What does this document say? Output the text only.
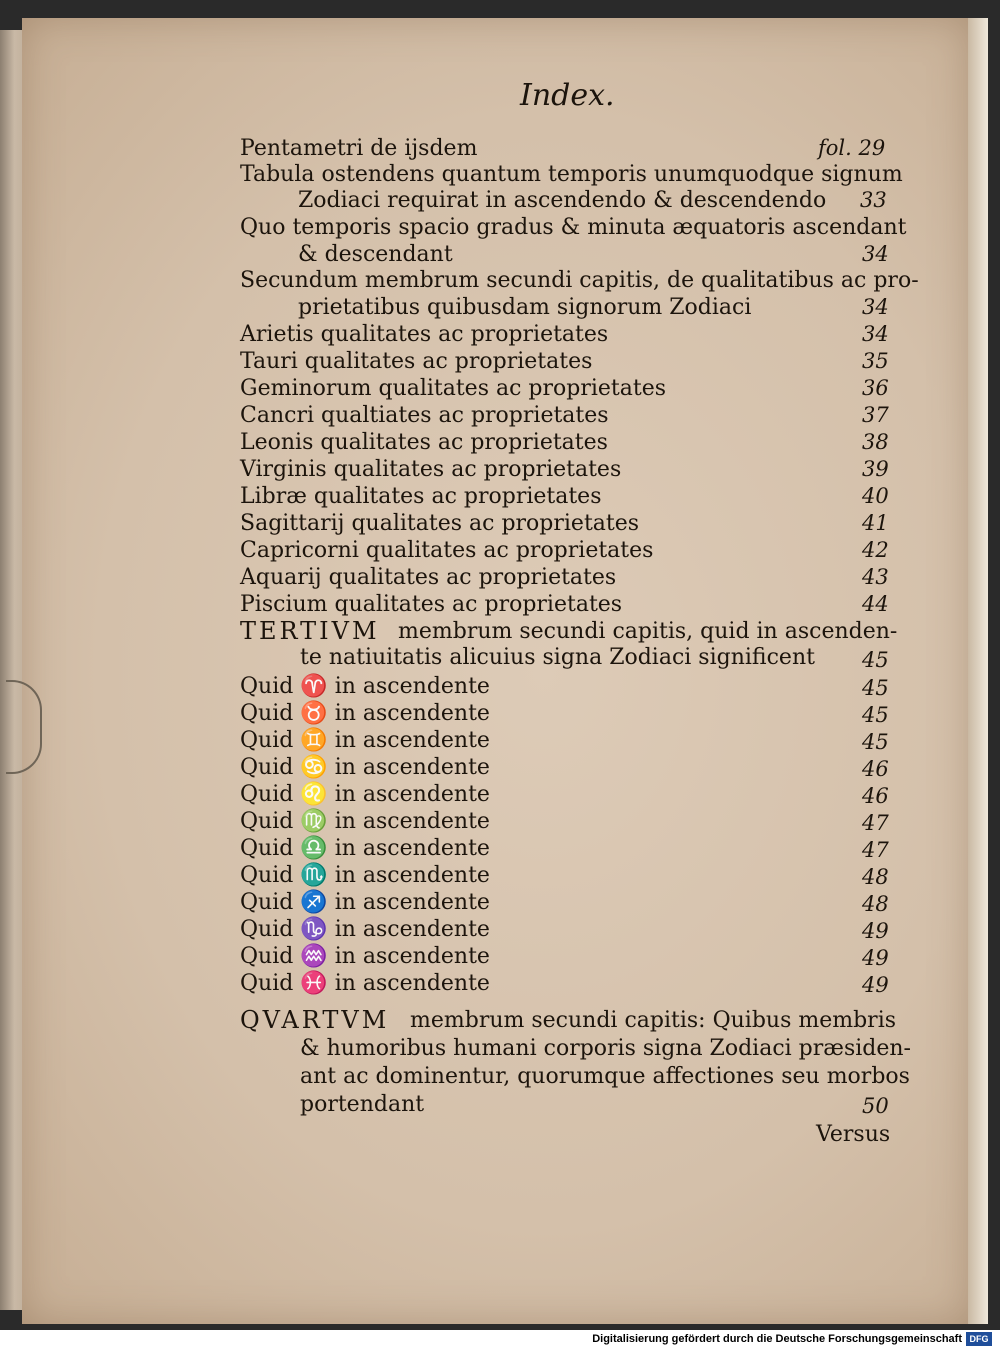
Index.
Pentametri de ijsdem
Tabula ostendens quantum temporis unumquodque signum
Zodiaci requirat in ascendendo & descendendo
Quo temporis spacio gradus & minuta æquatoris ascendant
& descendant
Secundum membrum secundi capitis, de qualitatibus ac pro-
prietatibus quibusdam signorum Zodiaci
Arietis qualitates ac proprietates
Tauri qualitates ac proprietates
Geminorum qualitates ac proprietates
Cancri qualtiates ac proprietates
Leonis qualitates ac proprietates
Virginis qualitates ac proprietates
Libræ qualitates ac proprietates
Sagittarij qualitates ac proprietates
Capricorni qualitates ac proprietates
Aquarij qualitates ac proprietates
Piscium qualitates ac proprietates
TERTIVM membrum secundi capitis, quid in ascenden-
te natiuitatis alicuius signa Zodiaci significent
Quid ♈ in ascendente
Quid ♉ in ascendente
Quid ♊ in ascendente
Quid ♋ in ascendente
Quid ♌ in ascendente
Quid ♍ in ascendente
Quid ♎ in ascendente
Quid ♏ in ascendente
Quid ♐ in ascendente
Quid ♑ in ascendente
Quid ♒ in ascendente
Quid ♓ in ascendente
QVARTVM membrum secundi capitis: Quibus membris
& humoribus humani corporis signa Zodiaci præsiden-
ant ac dominentur, quorumque affectiones seu morbos
portendant
Versus
fol. 29
33
34
34
34
35
36
37
38
39
40
41
42
43
44
45
45
45
45
46
46
47
47
48
48
49
49
49
50
Digitalisierung gefördert durch die Deutsche Forschungsgemeinschaft DFG
